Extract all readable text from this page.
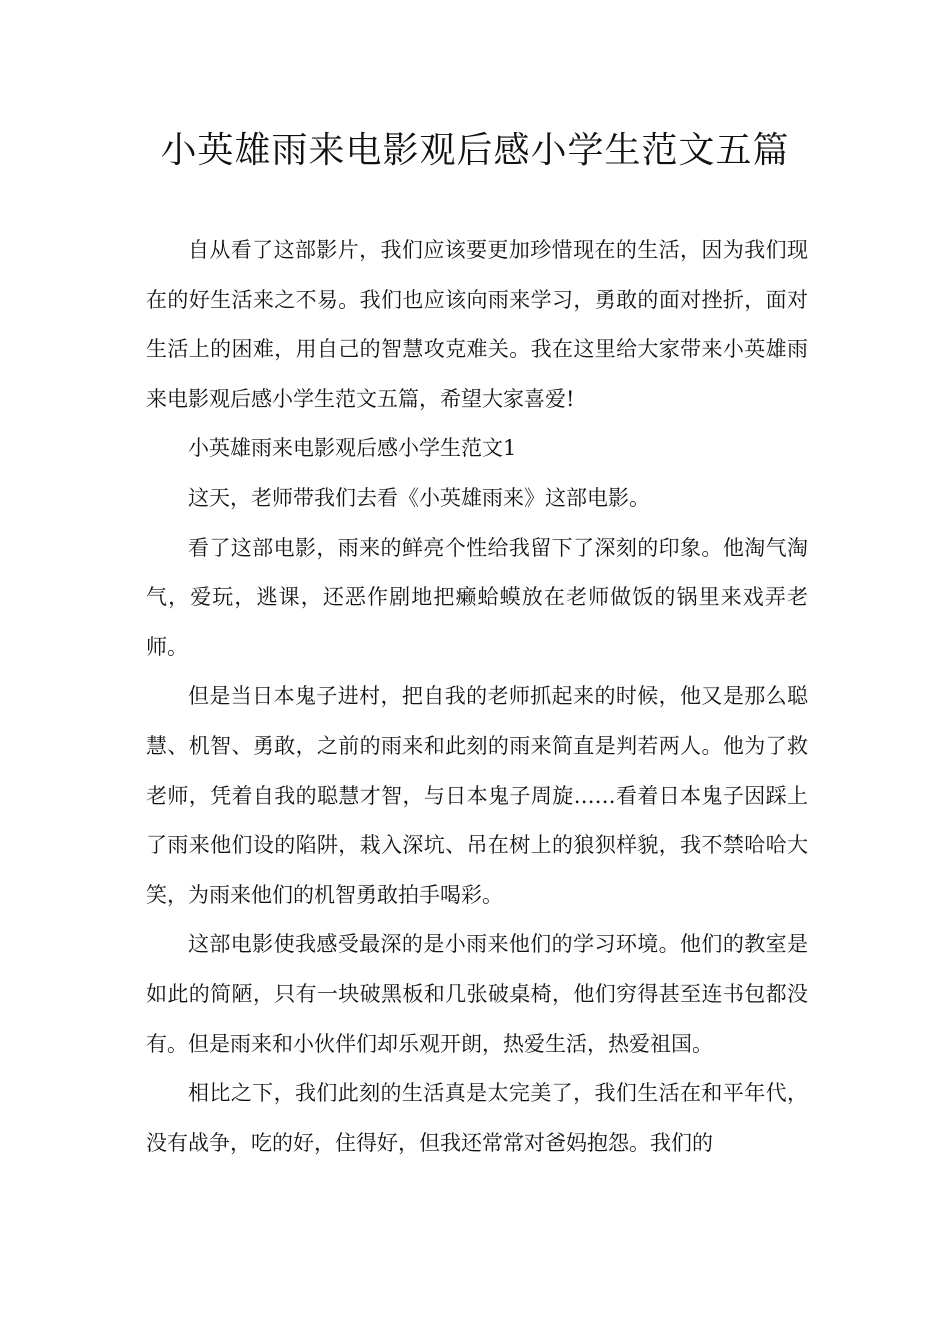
小英雄雨来电影观后感小学生范文五篇

自从看了这部影片，我们应该要更加珍惜现在的生活，因为我们现在的好生活来之不易。我们也应该向雨来学习，勇敢的面对挫折，面对生活上的困难，用自己的智慧攻克难关。我在这里给大家带来小英雄雨来电影观后感小学生范文五篇，希望大家喜爱!

小英雄雨来电影观后感小学生范文1

这天，老师带我们去看《小英雄雨来》这部电影。

看了这部电影，雨来的鲜亮个性给我留下了深刻的印象。他淘气淘气，爱玩，逃课，还恶作剧地把癞蛤蟆放在老师做饭的锅里来戏弄老师。

但是当日本鬼子进村，把自我的老师抓起来的时候，他又是那么聪慧、机智、勇敢，之前的雨来和此刻的雨来简直是判若两人。他为了救老师，凭着自我的聪慧才智，与日本鬼子周旋……看着日本鬼子因踩上了雨来他们设的陷阱，栽入深坑、吊在树上的狼狈样貌，我不禁哈哈大笑，为雨来他们的机智勇敢拍手喝彩。

这部电影使我感受最深的是小雨来他们的学习环境。他们的教室是如此的简陋，只有一块破黑板和几张破桌椅，他们穷得甚至连书包都没有。但是雨来和小伙伴们却乐观开朗，热爱生活，热爱祖国。

相比之下，我们此刻的生活真是太完美了，我们生活在和平年代，没有战争，吃的好，住得好，但我还常常对爸妈抱怨。我们的
